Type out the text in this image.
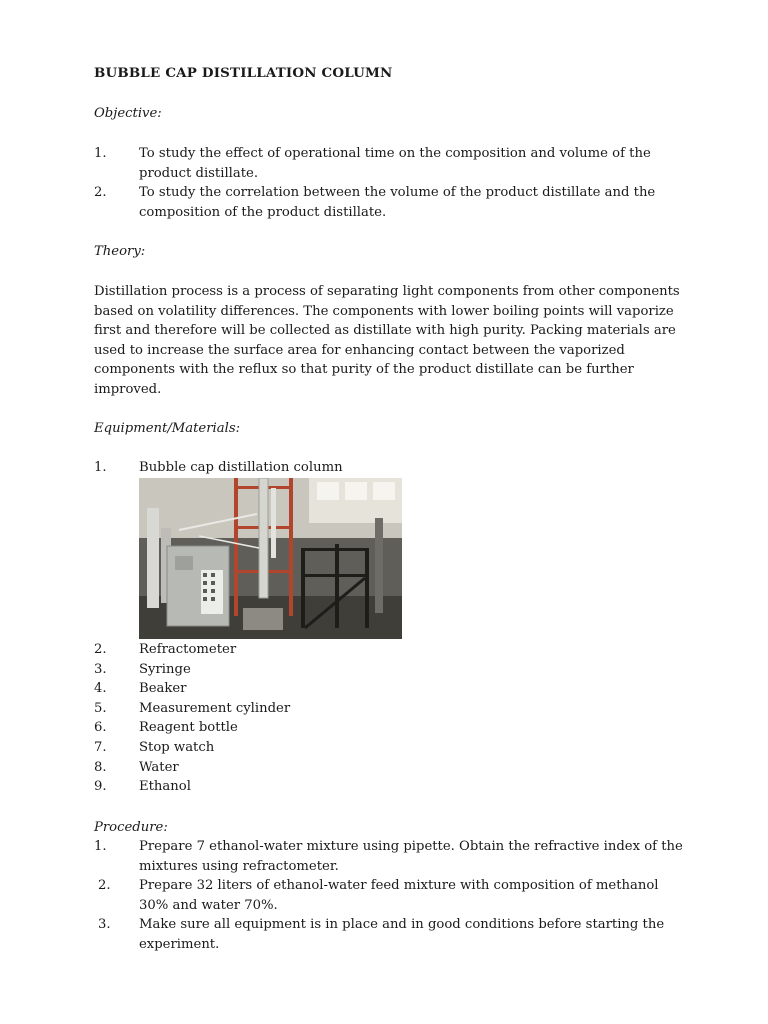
BUBBLE CAP DISTILLATION COLUMN
Objective:
1. To study the effect of operational time on the composition and volume of the product distillate.
2. To study the correlation between the volume of the product distillate and the composition of the product distillate.
Theory:

Distillation process is a process of separating light components from other components based on volatility differences. The components with lower boiling points will vaporize first and therefore will be collected as distillate with high purity. Packing materials are used to increase the surface area for enhancing contact between the vaporized components with the reflux so that purity of the product distillate can be further improved.

Equipment/Materials:
1. Bubble cap distillation column
2. Refractometer
3. Syringe
4. Beaker
5. Measurement cylinder
6. Reagent bottle
7. Stop watch
8. Water
9. Ethanol
Procedure:
1. Prepare 7 ethanol-water mixture using pipette. Obtain the refractive index of the mixtures using refractometer.
2. Prepare 32 liters of ethanol-water feed mixture with composition of methanol 30% and water 70%.
3. Make sure all equipment is in place and in good conditions before starting the experiment.
